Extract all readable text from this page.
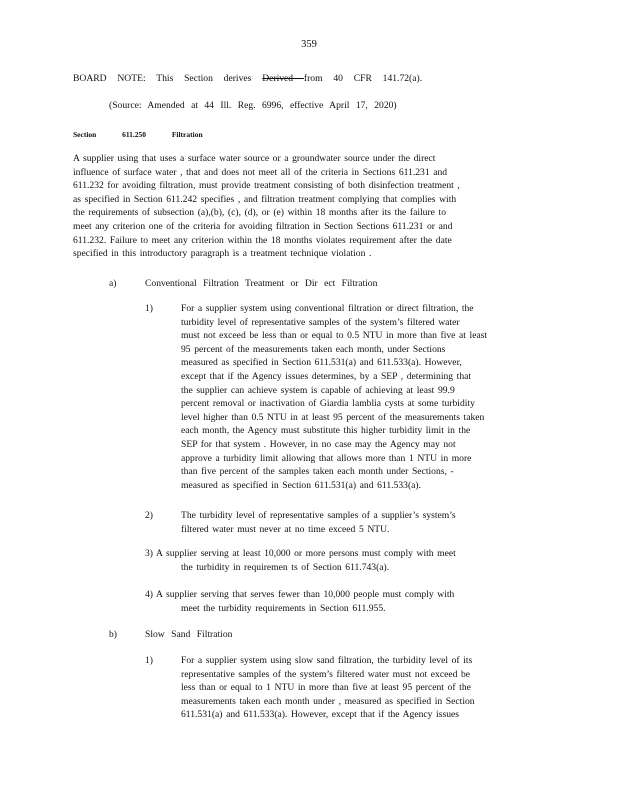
359
BOARD  NOTE:  This  Section  derives  Derived  from  40  CFR  141.72(a).
(Source: Amended at 44 Ill. Reg. 6996, effective April 17, 2020)
Section	611.250	Filtration
A supplier using that uses a surface water source or a groundwater source under the direct
influence of surface water , that and does not meet all of the criteria in Sections 611.231 and
611.232 for avoiding filtration, must provide treatment consisting of both disinfection treatment ,
as specified in Section 611.242 specifies , and filtration treatment complying that complies with
the requirements of subsection (a),(b), (c), (d), or (e) within 18 months after its the failure to
meet any criterion one of the criteria for avoiding filtration in Section Sections 611.231 or and
611.232. Failure to meet any criterion within the 18 months violates requirement after the date
specified in this introductory paragraph is a treatment technique violation .
a)	Conventional Filtration Treatment or Dir ect Filtration
1)	For a supplier system using conventional filtration or direct filtration, the
turbidity level of representative samples of the system’s filtered water
must not exceed be less than or equal to 0.5 NTU in more than five at least
95 percent of the measurements taken each month, under Sections
measured as specified in Section 611.531(a) and 611.533(a). However,
except that if the Agency issues determines, by a SEP , determining that
the supplier can achieve system is capable of achieving at least 99.9
percent removal or inactivation of Giardia lamblia cysts at some turbidity
level higher than 0.5 NTU in at least 95 percent of the measurements taken
each month, the Agency must substitute this higher turbidity limit in the
SEP for that system . However, in no case may the Agency may not
approve a turbidity limit allowing that allows more than 1 NTU in more
than five percent of the samples taken each month under Sections, -
measured as specified in Section 611.531(a) and 611.533(a).
2)	The turbidity level of representative samples of a supplier’s system’s
filtered water must never at no time exceed 5 NTU.
3) A supplier serving at least 10,000 or more persons must comply with meet
the turbidity in requiremen ts of Section 611.743(a).
4) A supplier serving that serves fewer than 10,000 people must comply with
meet the turbidity requirements in Section 611.955.
b)	Slow Sand Filtration
1)	For a supplier system using slow sand filtration, the turbidity level of its
representative samples of the system’s filtered water must not exceed be
less than or equal to 1 NTU in more than five at least 95 percent of the
measurements taken each month under , measured as specified in Section
611.531(a) and 611.533(a). However, except that if the Agency issues
